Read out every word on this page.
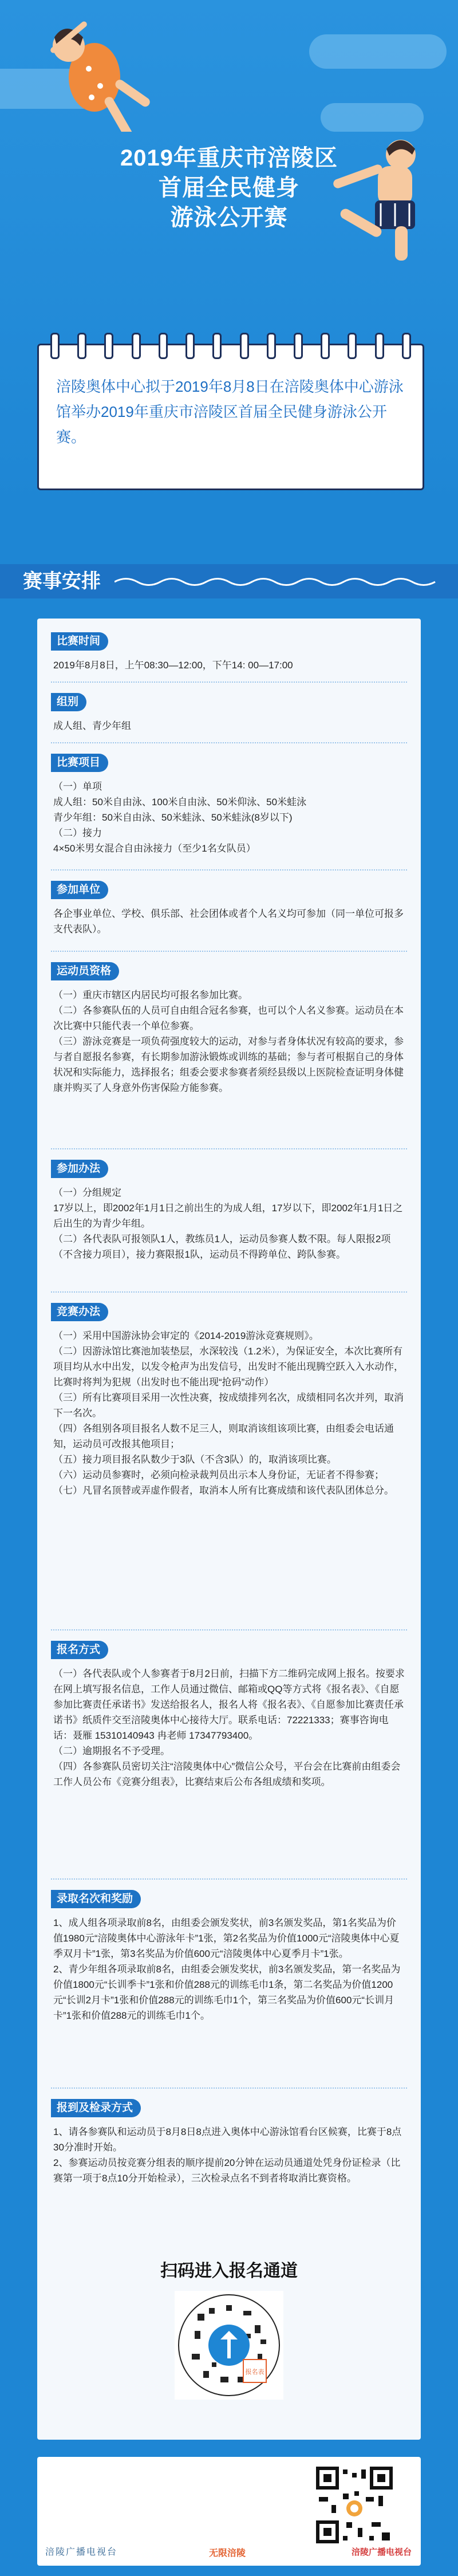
2019年重庆市涪陵区
首届全民健身
游泳公开赛
涪陵奥体中心拟于2019年8月8日在涪陵奥体中心游泳馆举办2019年重庆市涪陵区首届全民健身游泳公开赛。
赛事安排
比赛时间
2019年8月8日，上午08:30—12:00，下午14: 00—17:00
组别
成人组、青少年组
比赛项目
（一）单项
成人组：50米自由泳、100米自由泳、50米仰泳、50米蛙泳
青少年组：50米自由泳、50米蛙泳、50米蛙泳(8岁以下)
（二）接力
4×50米男女混合自由泳接力（至少1名女队员）
参加单位
各企事业单位、学校、俱乐部、社会团体或者个人名义均可参加（同一单位可报多支代表队）。
运动员资格
（一）重庆市辖区内居民均可报名参加比赛。
（二）各参赛队伍的人员可自由组合冠名参赛，也可以个人名义参赛。运动员在本次比赛中只能代表一个单位参赛。
（三）游泳竞赛是一项负荷强度较大的运动，对参与者身体状况有较高的要求，参与者自愿报名参赛，有长期参加游泳锻炼或训练的基础；参与者可根据自己的身体状况和实际能力，选择报名；组委会要求参赛者须经县级以上医院检查证明身体健康并购买了人身意外伤害保险方能参赛。
参加办法
（一）分组规定
17岁以上，即2002年1月1日之前出生的为成人组，17岁以下，即2002年1月1日之后出生的为青少年组。
（二）各代表队可报领队1人，教练员1人，运动员参赛人数不限。每人限报2项（不含接力项目），接力赛限报1队，运动员不得跨单位、跨队参赛。
竞赛办法
（一）采用中国游泳协会审定的《2014-2019游泳竞赛规则》。
（二）因游泳馆比赛池加装垫层，水深较浅（1.2米），为保证安全，本次比赛所有项目均从水中出发，以发令枪声为出发信号，出发时不能出现腾空跃入入水动作，比赛时将判为犯规（出发时也不能出现“抢码”动作）
（三）所有比赛项目采用一次性决赛，按成绩排列名次，成绩相同名次并列，取消下一名次。
（四）各组别各项目报名人数不足三人，则取消该组该项比赛，由组委会电话通知，运动员可改报其他项目；
（五）接力项目报名队数少于3队（不含3队）的，取消该项比赛。
（六）运动员参赛时，必须向检录裁判员出示本人身份证，无证者不得参赛；
（七）凡冒名顶替或弄虚作假者，取消本人所有比赛成绩和该代表队团体总分。
报名方式
（一）各代表队或个人参赛者于8月2日前，扫描下方二维码完成网上报名。按要求在网上填写报名信息，工作人员通过微信、邮箱或QQ等方式将《报名表》、《自愿参加比赛责任承诺书》发送给报名人，报名人将《报名表》、《自愿参加比赛责任承诺书》纸质件交至涪陵奥体中心接待大厅。联系电话：72221333；赛事咨询电话：聂雁 15310140943 冉老师 17347793400。
（二）逾期报名不予受理。
（四）各参赛队员密切关注“涪陵奥体中心”微信公众号，平台会在比赛前由组委会工作人员公布《竞赛分组表》，比赛结束后公布各组成绩和奖项。
录取名次和奖励
1、成人组各项录取前8名，由组委会颁发奖状，前3名颁发奖品，第1名奖品为价值1980元“涪陵奥体中心游泳年卡”1张，第2名奖品为价值1000元“涪陵奥体中心夏季双月卡”1张，第3名奖品为价值600元“涪陵奥体中心夏季月卡”1张。
2、青少年组各项录取前8名，由组委会颁发奖状，前3名颁发奖品，第一名奖品为价值1800元“长训季卡”1张和价值288元的训练毛巾1条，第二名奖品为价值1200元“长训2月卡”1张和价值288元的训练毛巾1个，第三名奖品为价值600元“长训月卡”1张和价值288元的训练毛巾1个。
报到及检录方式
1、请各参赛队和运动员于8月8日8点进入奥体中心游泳馆看台区候赛，比赛于8点30分准时开始。
2、参赛运动员按竞赛分组表的顺序提前20分钟在运动员通道处凭身份证检录（比赛第一项于8点10分开始检录），三次检录点名不到者将取消比赛资格。
扫码进入报名通道
报名表
涪陵广播电视台	无限涪陵	涪陵广播电视台
